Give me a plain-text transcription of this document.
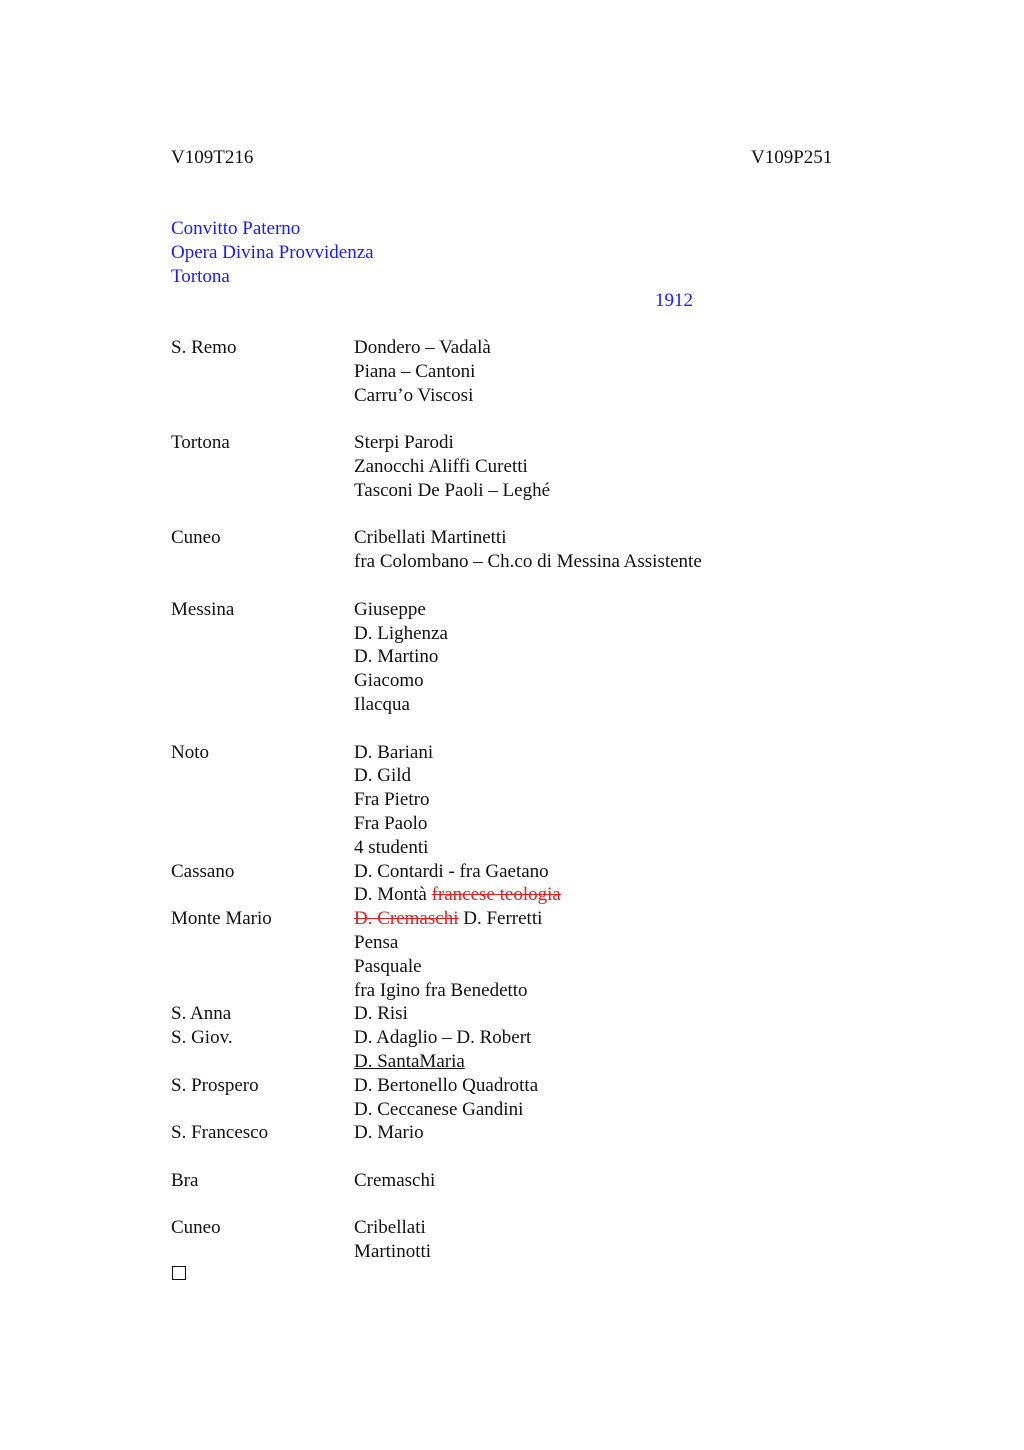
V109T216	V109P251
Convitto Paterno
Opera Divina Provvidenza
Tortona
1912
S. Remo	Dondero – Vadalà
Piana – Cantoni
Carru’o Viscosi
Tortona	Sterpi Parodi
Zanocchi Aliffi Curetti
Tasconi De Paoli – Leghé
Cuneo	Cribellati Martinetti
fra Colombano – Ch.co di Messina Assistente
Messina	Giuseppe
D. Lighenza
D. Martino
Giacomo
Ilacqua
Noto	D. Bariani
D. Gild
Fra Pietro
Fra Paolo
4 studenti
Cassano	D. Contardi - fra Gaetano
D. Montà francese teologia
Monte Mario	D. Cremaschi D. Ferretti
Pensa
Pasquale
fra Igino fra Benedetto
S. Anna	D. Risi
S. Giov.	D. Adaglio – D. Robert
D. SantaMaria
S. Prospero	D. Bertonello Quadrotta
D. Ceccanese Gandini
S. Francesco	D. Mario
Bra	Cremaschi
Cuneo	Cribellati
Martinotti
